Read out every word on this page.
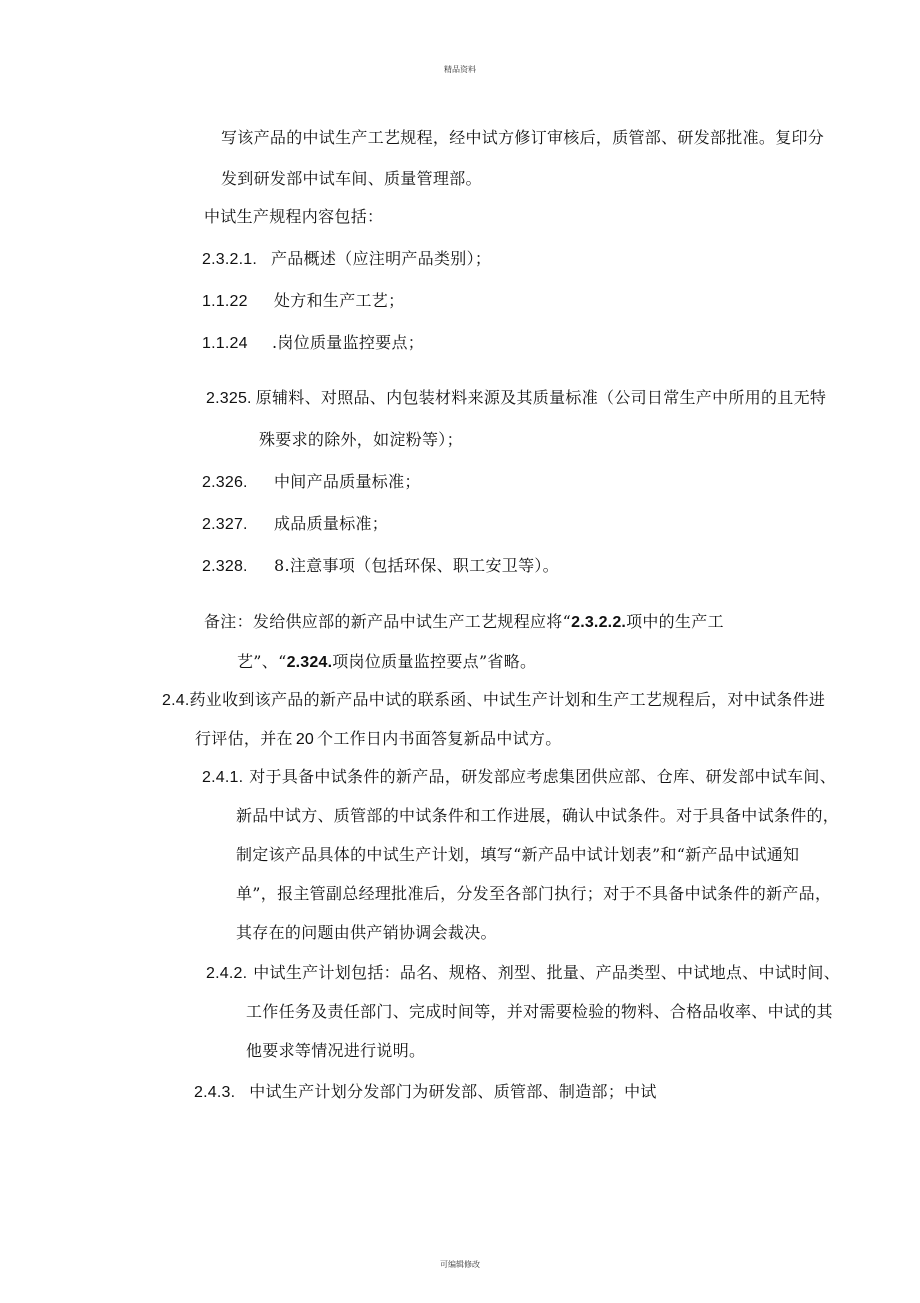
精品资料
写该产品的中试生产工艺规程，经中试方修订审核后，质管部、研发部批准。复印分
发到研发部中试车间、质量管理部。
中试生产规程内容包括：
2.3.2.1. 产品概述（应注明产品类别）；
1.1.22 处方和生产工艺；
1.1.24 .岗位质量监控要点；
2.325. 原辅料、对照品、内包装材料来源及其质量标准（公司日常生产中所用的且无特
殊要求的除外，如淀粉等）；
2.326. 中间产品质量标准；
2.327. 成品质量标准；
2.328. 8.注意事项（包括环保、职工安卫等）。
备注：发给供应部的新产品中试生产工艺规程应将“2.3.2.2.项中的生产工
艺”、“2.324.项岗位质量监控要点”省略。
2.4.药业收到该产品的新产品中试的联系函、中试生产计划和生产工艺规程后，对中试条件进
行评估，并在 20 个工作日内书面答复新品中试方。
2.4.1. 对于具备中试条件的新产品，研发部应考虑集团供应部、仓库、研发部中试车间、
新品中试方、质管部的中试条件和工作进展，确认中试条件。对于具备中试条件的，
制定该产品具体的中试生产计划，填写“新产品中试计划表”和“新产品中试通知
单”，报主管副总经理批准后，分发至各部门执行；对于不具备中试条件的新产品，
其存在的问题由供产销协调会裁决。
2.4.2. 中试生产计划包括：品名、规格、剂型、批量、产品类型、中试地点、中试时间、
工作任务及责任部门、完成时间等，并对需要检验的物料、合格品收率、中试的其
他要求等情况进行说明。
2.4.3. 中试生产计划分发部门为研发部、质管部、制造部；中试
可编辑修改
